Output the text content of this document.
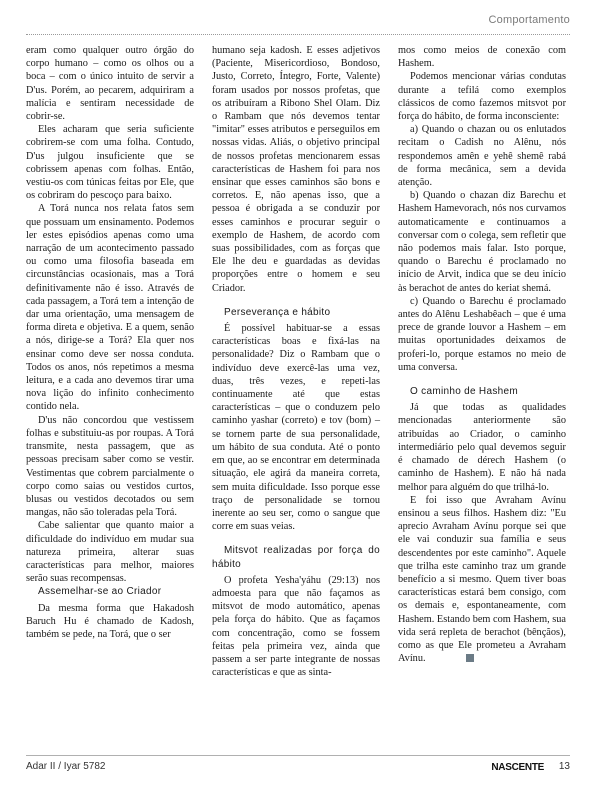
Comportamento

eram como qualquer outro órgão do corpo humano – como os olhos ou a boca – com o único intuito de servir a D'us. Porém, ao pecarem, adquiriram a malícia e sentiram necessidade de cobrir-se.

Eles acharam que seria suficiente cobrirem-se com uma folha. Contudo, D'us julgou insuficiente que se cobrissem apenas com folhas. Então, vestiu-os com túnicas feitas por Ele, que os cobriram do pescoço para baixo.

A Torá nunca nos relata fatos sem que possuam um ensinamento. Podemos ler estes episódios apenas como uma narração de um acontecimento passado ou como uma filosofia baseada em circunstâncias ocasionais, mas a Torá definitivamente não é isso. Através de cada passagem, a Torá tem a intenção de dar uma orientação, uma mensagem de forma direta e objetiva. E a quem, senão a nós, dirige-se a Torá? Ela quer nos ensinar como deve ser nossa conduta. Todos os anos, nós repetimos a mesma leitura, e a cada ano devemos tirar uma nova lição do infinito conhecimento contido nela.

D'us não concordou que vestissem folhas e substituiu-as por roupas. A Torá transmite, nesta passagem, que as pessoas precisam saber como se vestir. Vestimentas que cobrem parcialmente o corpo como saias ou vestidos curtos, blusas ou vestidos decotados ou sem mangas, não são toleradas pela Torá.

Cabe salientar que quanto maior a dificuldade do indivíduo em mudar sua natureza primeira, alterar suas características para melhor, maiores serão suas recompensas.

Assemelhar-se ao Criador

Da mesma forma que Hakadosh Baruch Hu é chamado de Kadosh, também se pede, na Torá, que o ser

humano seja kadosh. E esses adjetivos (Paciente, Misericordioso, Bondoso, Justo, Correto, Íntegro, Forte, Valente) foram usados por nossos profetas, que os atribuíram a Ribono Shel Olam. Diz o Rambam que nós devemos tentar "imitar" esses atributos e perseguilos em nossas vidas. Aliás, o objetivo principal de nossos profetas mencionarem essas características de Hashem foi para nos ensinar que esses caminhos são bons e corretos. E, não apenas isso, que a pessoa é obrigada a se conduzir por esses caminhos e procurar seguir o exemplo de Hashem, de acordo com suas possibilidades, com as forças que Ele lhe deu e guardadas as devidas proporções entre o homem e seu Criador.

Perseverança e hábito

É possível habituar-se a essas características boas e fixá-las na personalidade? Diz o Rambam que o indivíduo deve exercê-las uma vez, duas, três vezes, e repeti-las continuamente até que estas características – que o conduzem pelo caminho yashar (correto) e tov (bom) – se tornem parte de sua personalidade, um hábito de sua conduta. Até o ponto em que, ao se encontrar em determinada situação, ele agirá da maneira correta, sem muita dificuldade. Isso porque esse traço de personalidade se tornou inerente ao seu ser, como o sangue que corre em suas veias.

Mitsvot realizadas por força do hábito

O profeta Yesha'yáhu (29:13) nos admoesta para que não façamos as mitsvot de modo automático, apenas pela força do hábito. Que as façamos com concentração, como se fossem feitas pela primeira vez, ainda que passem a ser parte integrante de nossas características e que as sinta-

mos como meios de conexão com Hashem.

Podemos mencionar várias condutas durante a tefilá como exemplos clássicos de como fazemos mitsvot por força do hábito, de forma inconsciente:

a) Quando o chazan ou os enlutados recitam o Cadish no Alênu, nós respondemos amên e yehê shemê rabá de forma mecânica, sem a devida atenção.

b) Quando o chazan diz Barechu et Hashem Hamevorach, nós nos curvamos automaticamente e continuamos a conversar com o colega, sem refletir que não podemos mais falar. Isto porque, quando o Barechu é proclamado no início de Arvit, indica que se deu início às berachot de antes do keriat shemá.

c) Quando o Barechu é proclamado antes do Alênu Leshabêach – que é uma prece de grande louvor a Hashem – em muitas oportunidades deixamos de proferi-lo, porque estamos no meio de uma conversa.

O caminho de Hashem

Já que todas as qualidades mencionadas anteriormente são atribuídas ao Criador, o caminho intermediário pelo qual devemos seguir é chamado de dérech Hashem (o caminho de Hashem). E não há nada melhor para alguém do que trilhá-lo.

E foi isso que Avraham Avínu ensinou a seus filhos. Hashem diz: "Eu aprecio Avraham Avínu porque sei que ele vai conduzir sua família e seus descendentes por este caminho". Aquele que trilha este caminho traz um grande benefício a si mesmo. Quem tiver boas características estará bem consigo, com os demais e, espontaneamente, com Hashem. Estando bem com Hashem, sua vida será repleta de berachot (bênçãos), como as que Ele prometeu a Avraham Avínu.

Adar II / Iyar 5782	NASCENTE 13
